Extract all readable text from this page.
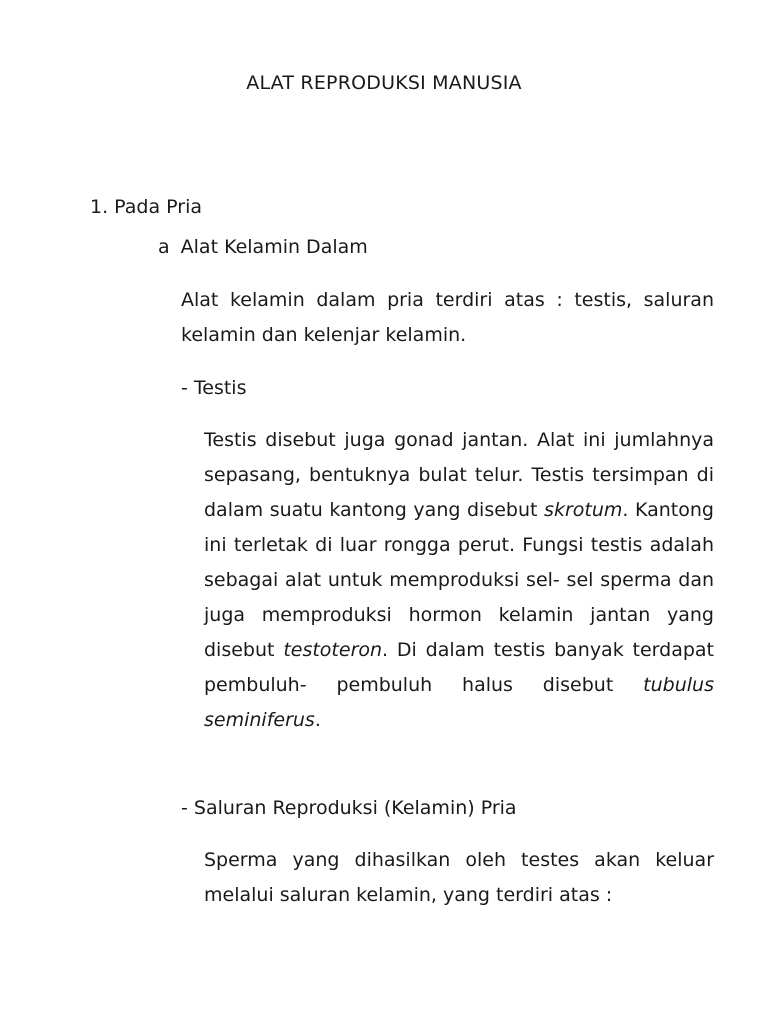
ALAT REPRODUKSI MANUSIA
1. Pada Pria
a Alat Kelamin Dalam

Alat kelamin dalam pria terdiri atas : testis, saluran kelamin dan kelenjar kelamin.

- Testis

Testis disebut juga gonad jantan. Alat ini jumlahnya sepasang, bentuknya bulat telur. Testis tersimpan di dalam suatu kantong yang disebut skrotum. Kantong ini terletak di luar rongga perut. Fungsi testis adalah sebagai alat untuk memproduksi sel- sel sperma dan juga memproduksi hormon kelamin jantan yang disebut testoteron. Di dalam testis banyak terdapat pembuluh- pembuluh halus disebut tubulus seminiferus.

- Saluran Reproduksi (Kelamin) Pria

Sperma yang dihasilkan oleh testes akan keluar melalui saluran kelamin, yang terdiri atas :
